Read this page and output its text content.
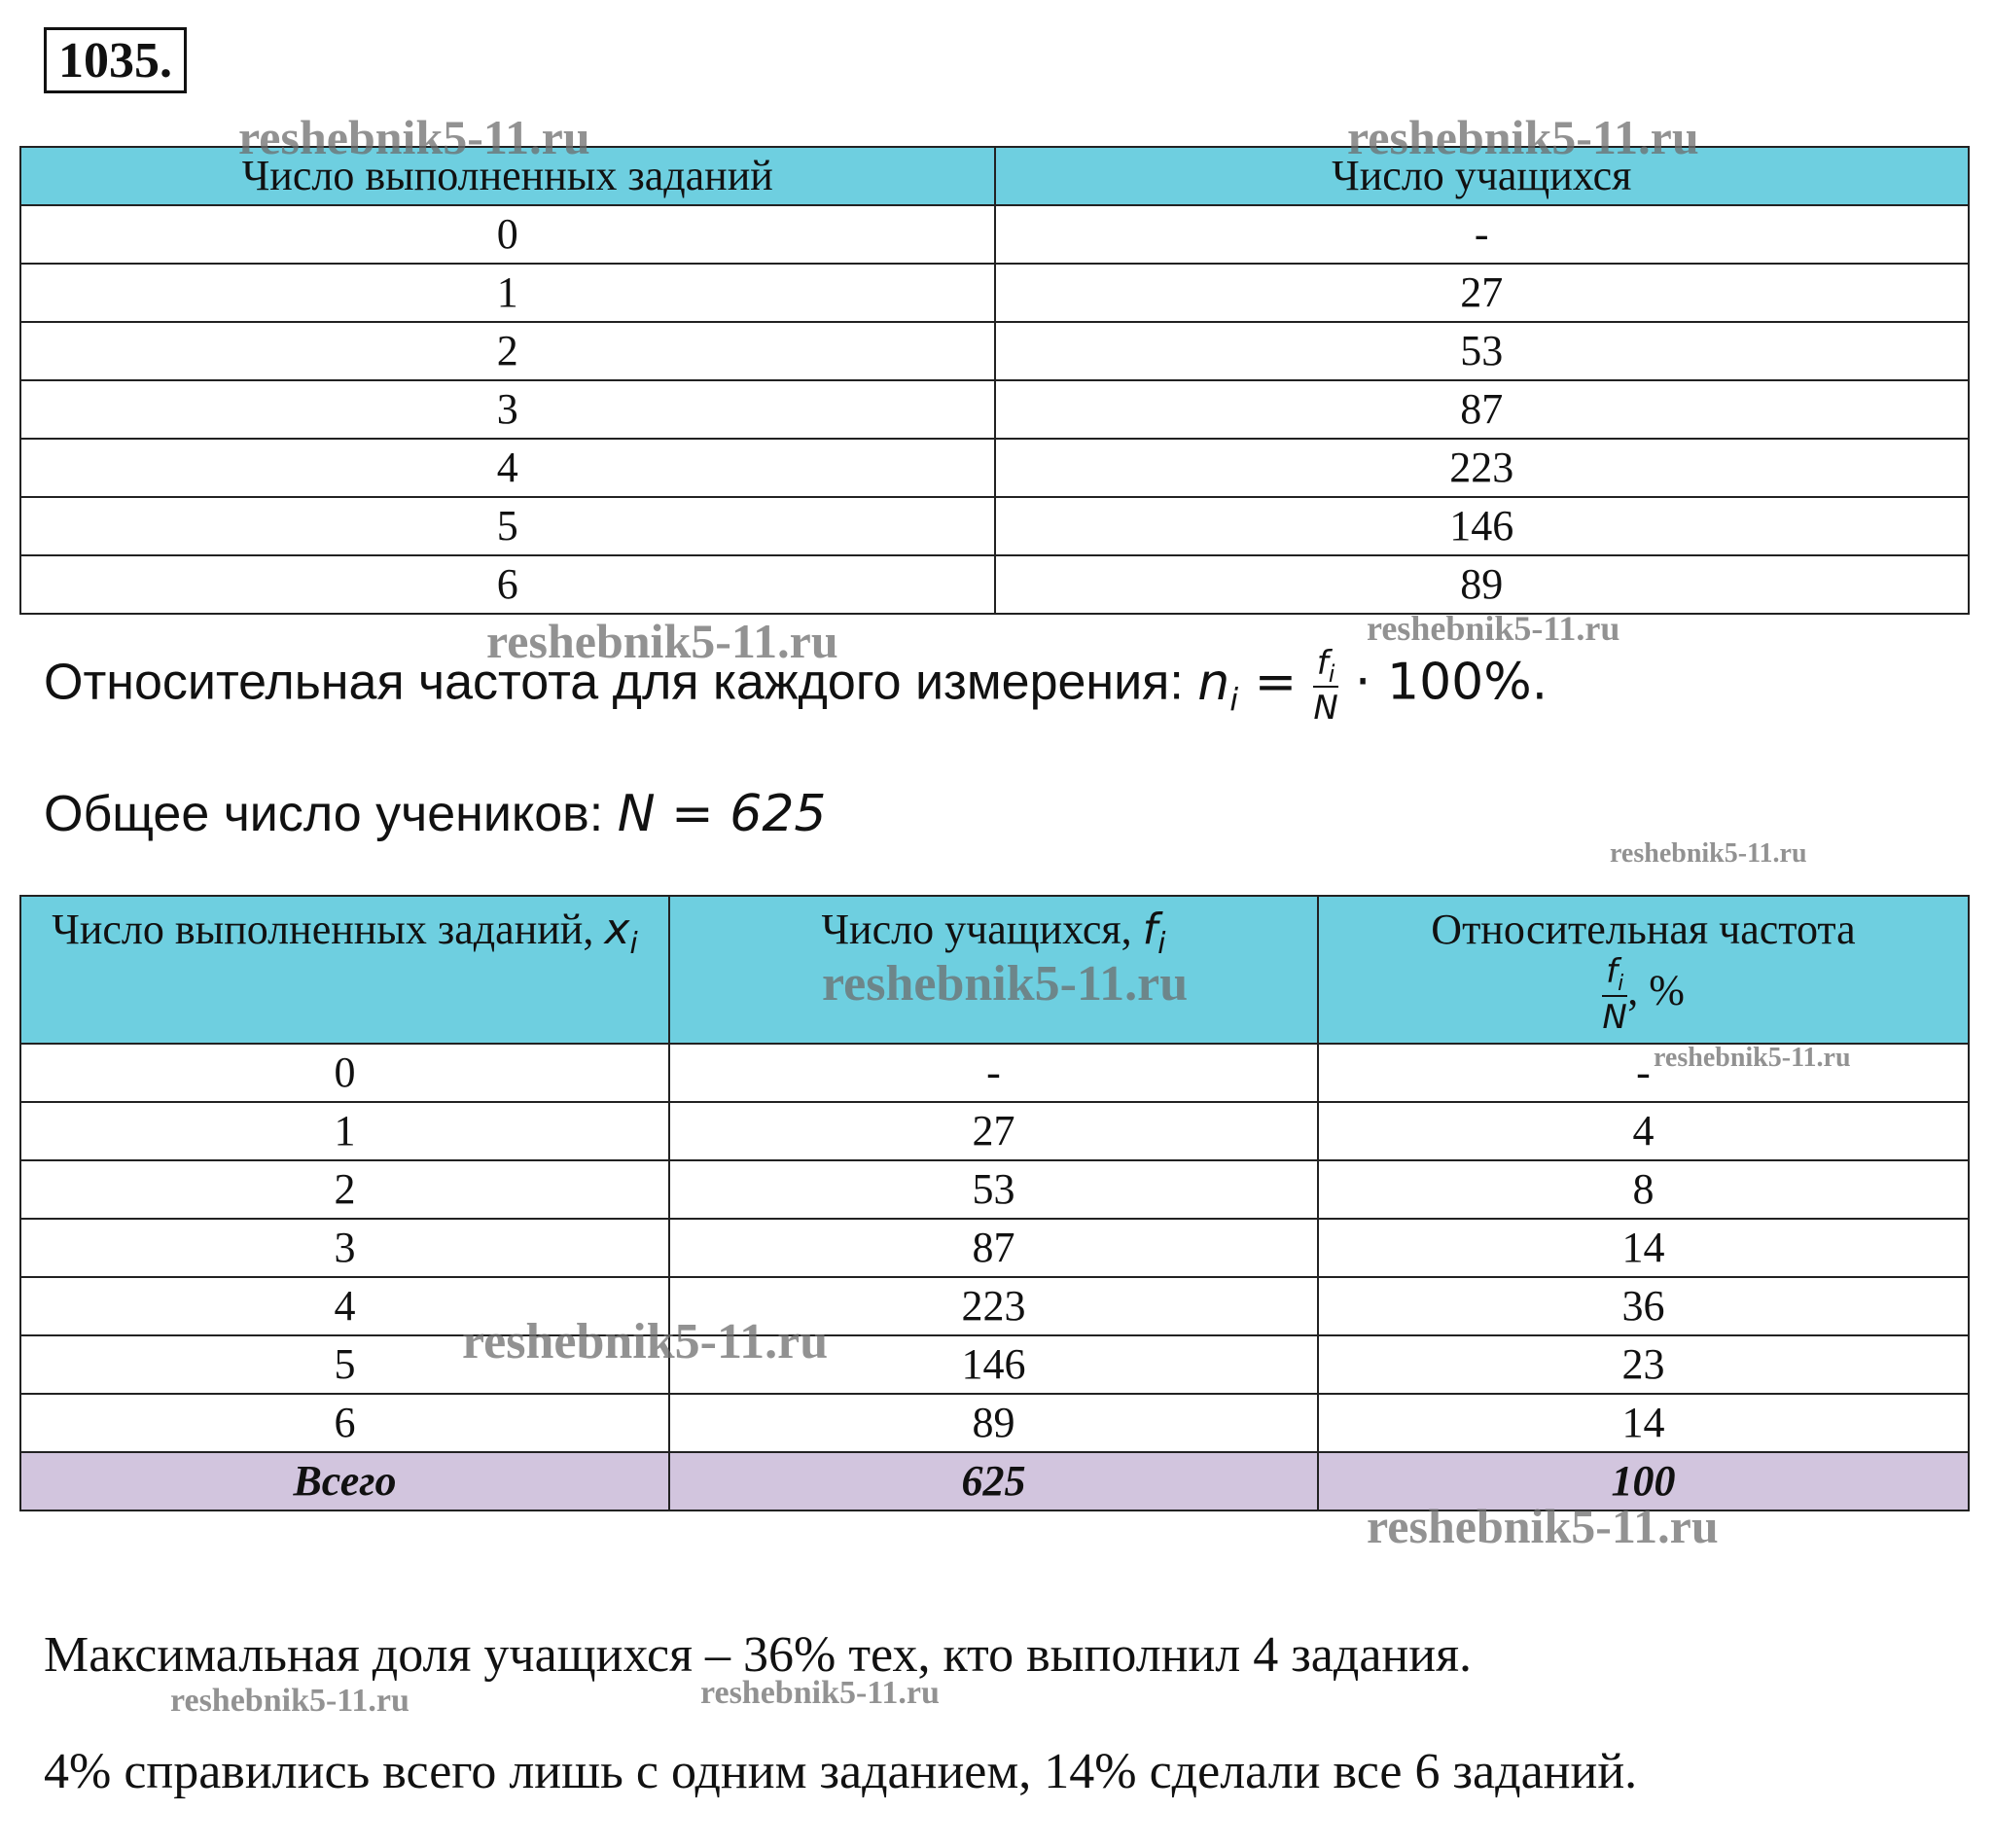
1035.
Число выполненных заданий	Число учащихся
0	-
1	27
2	53
3	87
4	223
5	146
6	89
Относительная частота для каждого измерения: $n_i = \frac{f_i}{N} \cdot 100\%$.
Общее число учеников: N = 625
Число выполненных заданий, $x_i$	Число учащихся, $f_i$	Относительная частота

$\frac{f_i}{N}$ , %
0	-	-
1	27	4
2	53	8
3	87	14
4	223	36
5	146	23
6	89	14
Всего	625	100
Максимальная доля учащихся – 36% тех, кто выполнил 4 задания.
4% справились всего лишь с одним заданием, 14% сделали все 6 заданий.
reshebnik5-11.ru	reshebnik5-11.ru
reshebnik5-11.ru	reshebnik5-11.ru
reshebnik5-11.ru
reshebnik5-11.ru
reshebnik5-11.ru
reshebnik5-11.ru
reshebnik5-11.ru
reshebnik5-11.ru	reshebnik5-11.ru
